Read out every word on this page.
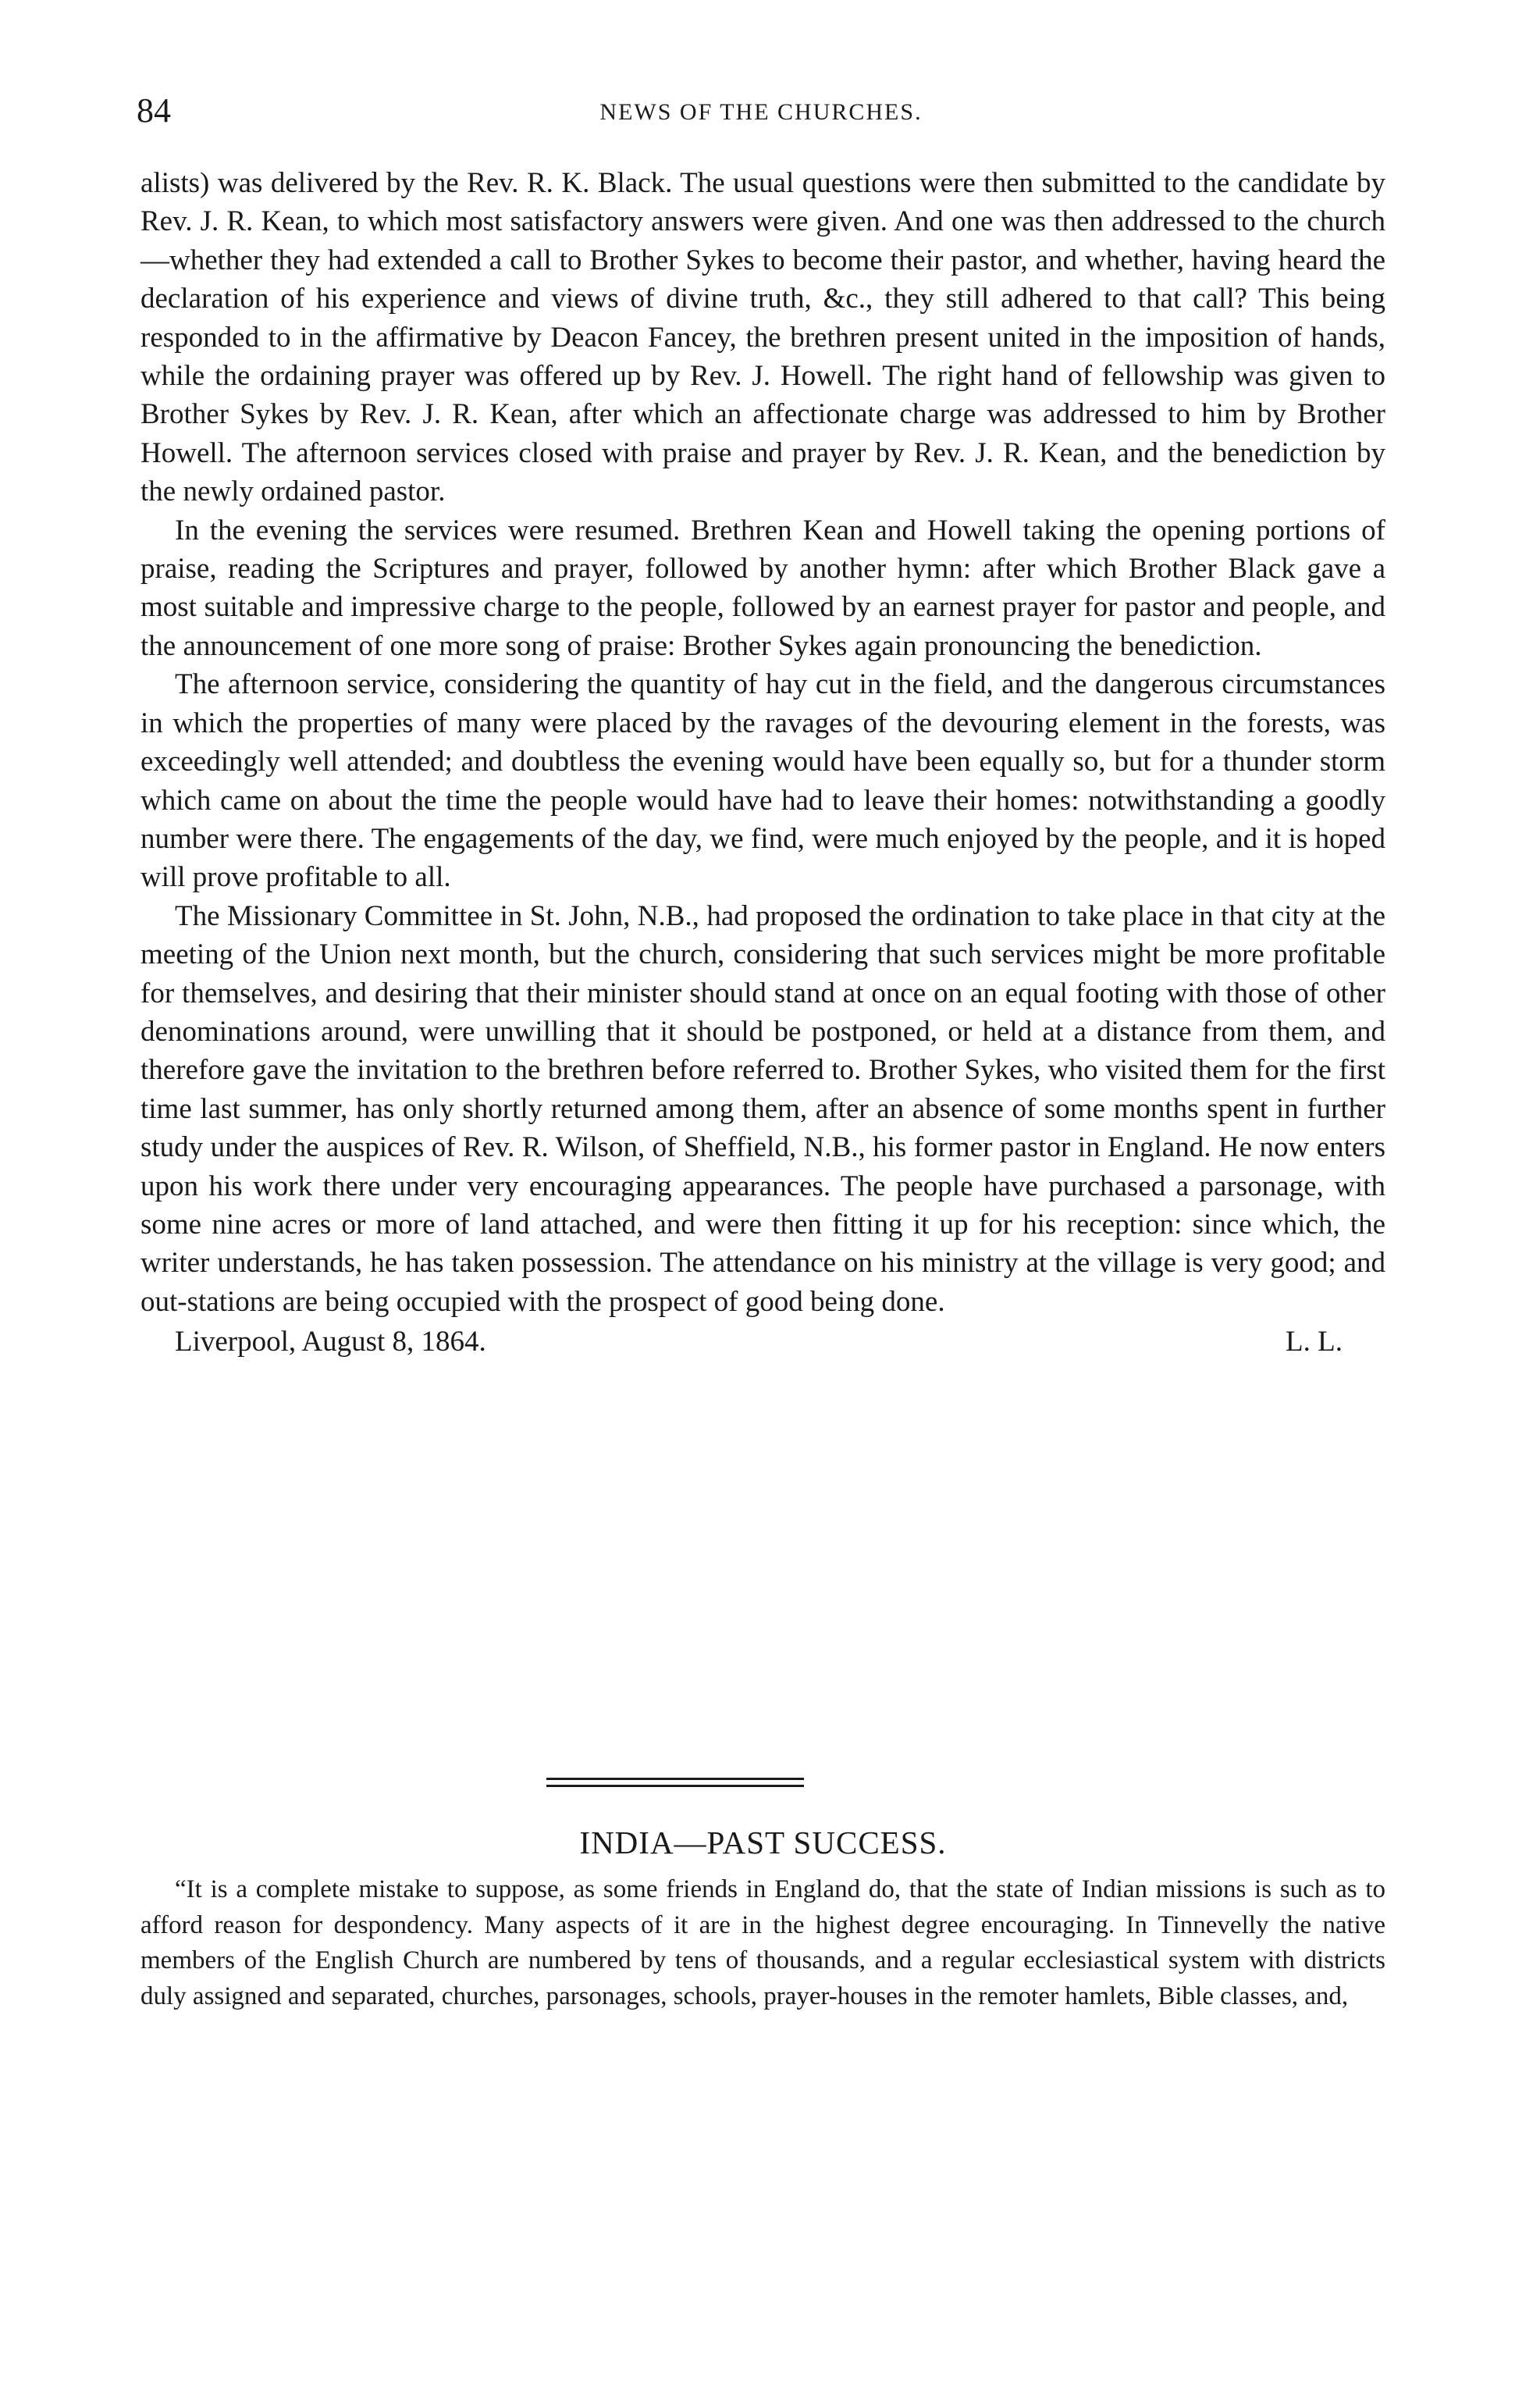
84	NEWS OF THE CHURCHES.

alists) was delivered by the Rev. R. K. Black. The usual questions were then submitted to the candidate by Rev. J. R. Kean, to which most satisfactory answers were given. And one was then addressed to the church—whether they had extended a call to Brother Sykes to become their pastor, and whether, having heard the declaration of his experience and views of divine truth, &c., they still adhered to that call? This being responded to in the affirmative by Deacon Fancey, the brethren present united in the imposition of hands, while the ordaining prayer was offered up by Rev. J. Howell. The right hand of fellowship was given to Brother Sykes by Rev. J. R. Kean, after which an affectionate charge was addressed to him by Brother Howell. The afternoon services closed with praise and prayer by Rev. J. R. Kean, and the benediction by the newly ordained pastor.

In the evening the services were resumed. Brethren Kean and Howell taking the opening portions of praise, reading the Scriptures and prayer, followed by another hymn: after which Brother Black gave a most suitable and impressive charge to the people, followed by an earnest prayer for pastor and people, and the announcement of one more song of praise: Brother Sykes again pronouncing the benediction.

The afternoon service, considering the quantity of hay cut in the field, and the dangerous circumstances in which the properties of many were placed by the ravages of the devouring element in the forests, was exceedingly well attended; and doubtless the evening would have been equally so, but for a thunder storm which came on about the time the people would have had to leave their homes: notwithstanding a goodly number were there. The engagements of the day, we find, were much enjoyed by the people, and it is hoped will prove profitable to all.

The Missionary Committee in St. John, N.B., had proposed the ordination to take place in that city at the meeting of the Union next month, but the church, considering that such services might be more profitable for themselves, and desiring that their minister should stand at once on an equal footing with those of other denominations around, were unwilling that it should be postponed, or held at a distance from them, and therefore gave the invitation to the brethren before referred to. Brother Sykes, who visited them for the first time last summer, has only shortly returned among them, after an absence of some months spent in further study under the auspices of Rev. R. Wilson, of Sheffield, N.B., his former pastor in England. He now enters upon his work there under very encouraging appearances. The people have purchased a parsonage, with some nine acres or more of land attached, and were then fitting it up for his reception: since which, the writer understands, he has taken possession. The attendance on his ministry at the village is very good; and out-stations are being occupied with the prospect of good being done.

Liverpool, August 8, 1864.	L. L.
INDIA—PAST SUCCESS.

“It is a complete mistake to suppose, as some friends in England do, that the state of Indian missions is such as to afford reason for despondency. Many aspects of it are in the highest degree encouraging. In Tinnevelly the native members of the English Church are numbered by tens of thousands, and a regular ecclesiastical system with districts duly assigned and separated, churches, parsonages, schools, prayer-houses in the remoter hamlets, Bible classes, and,
